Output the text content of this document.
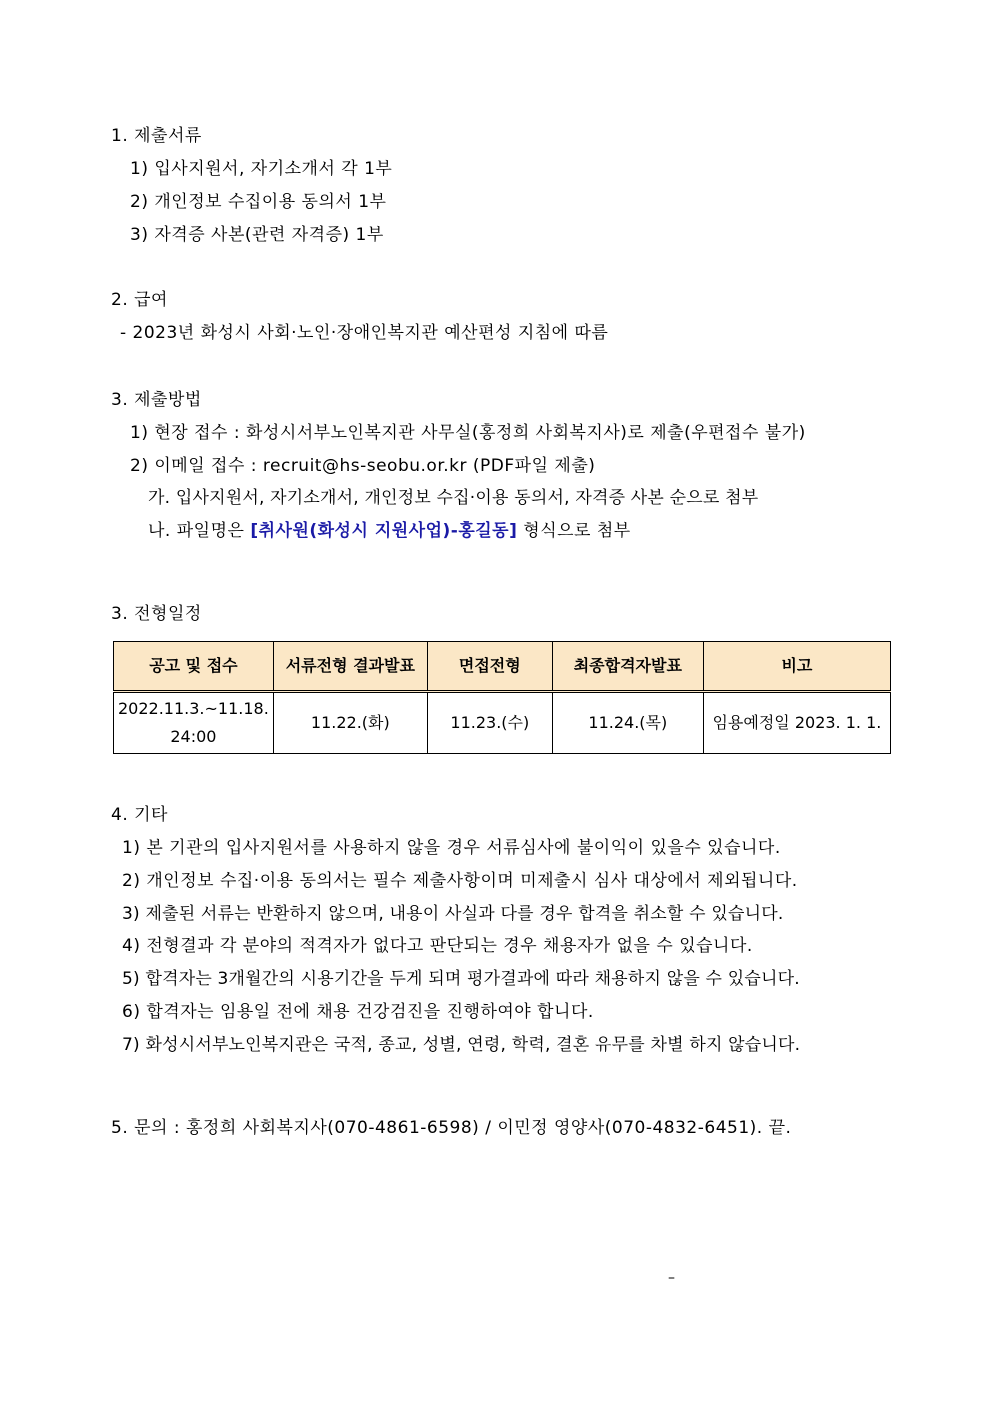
1. 제출서류
1) 입사지원서, 자기소개서 각 1부
2) 개인정보 수집이용 동의서 1부
3) 자격증 사본(관련 자격증) 1부
2. 급여
- 2023년 화성시 사회·노인·장애인복지관 예산편성 지침에 따름
3. 제출방법
1) 현장 접수 : 화성시서부노인복지관 사무실(홍정희 사회복지사)로 제출(우편접수 불가)
2) 이메일 접수 : recruit@hs-seobu.or.kr (PDF파일 제출)
가. 입사지원서, 자기소개서, 개인정보 수집·이용 동의서, 자격증 사본 순으로 첨부
나. 파일명은 [취사원(화성시 지원사업)-홍길동] 형식으로 첨부
3. 전형일정
공고 및 접수	서류전형 결과발표	면접전형	최종합격자발표	비고
2022.11.3.~11.18. 24:00	11.22.(화)	11.23.(수)	11.24.(목)	임용예정일 2023. 1. 1.
4. 기타
1) 본 기관의 입사지원서를 사용하지 않을 경우 서류심사에 불이익이 있을수 있습니다.
2) 개인정보 수집·이용 동의서는 필수 제출사항이며 미제출시 심사 대상에서 제외됩니다.
3) 제출된 서류는 반환하지 않으며, 내용이 사실과 다를 경우 합격을 취소할 수 있습니다.
4) 전형결과 각 분야의 적격자가 없다고 판단되는 경우 채용자가 없을 수 있습니다.
5) 합격자는 3개월간의 시용기간을 두게 되며 평가결과에 따라 채용하지 않을 수 있습니다.
6) 합격자는 임용일 전에 채용 건강검진을 진행하여야 합니다.
7) 화성시서부노인복지관은 국적, 종교, 성별, 연령, 학력, 결혼 유무를 차별 하지 않습니다.
5. 문의 : 홍정희 사회복지사(070-4861-6598) / 이민정 영양사(070-4832-6451). 끝.
–
